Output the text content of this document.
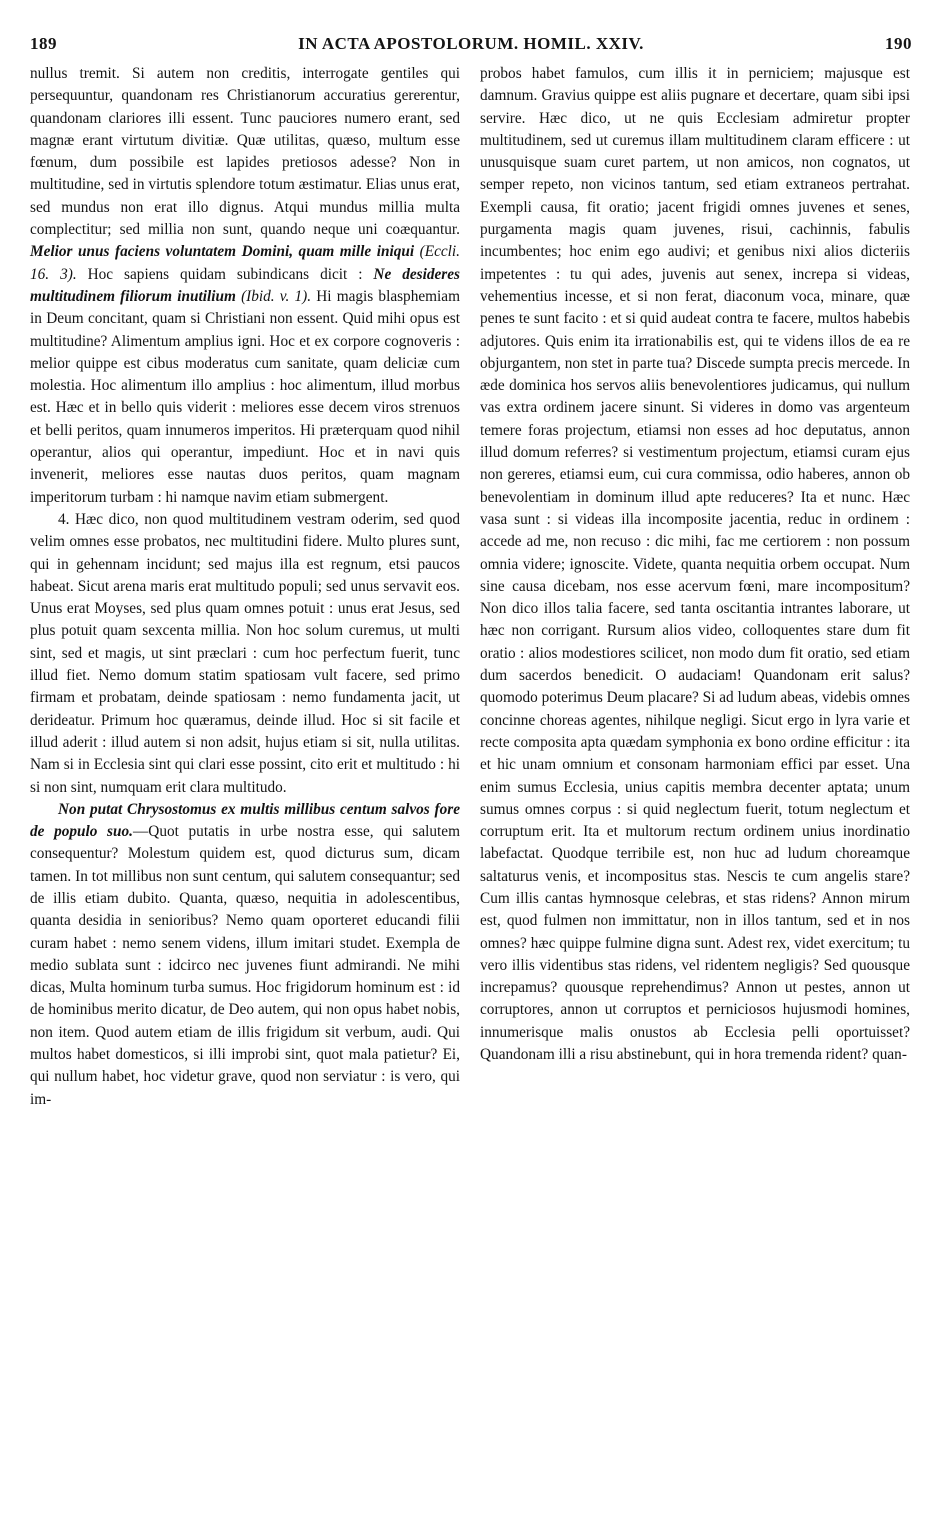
189	IN ACTA APOSTOLORUM. HOMIL. XXIV.	190

nullus tremit. Si autem non creditis, interrogate gentiles qui persequuntur, quandonam res Christianorum accuratius gererentur, quandonam clariores illi essent. Tunc pauciores numero erant, sed magnæ erant virtutum divitiæ. Quæ utilitas, quæso, multum esse fœnum, dum possibile est lapides pretiosos adesse? Non in multitudine, sed in virtutis splendore totum æstimatur. Elias unus erat, sed mundus non erat illo dignus. Atqui mundus millia multa complectitur; sed millia non sunt, quando neque uni coæquantur. Melior unus faciens voluntatem Domini, quam mille iniqui (Eccli. 16. 3). Hoc sapiens quidam subindicans dicit : Ne desideres multitudinem filiorum inutilium (Ibid. v. 1). Hi magis blasphemiam in Deum concitant, quam si Christiani non essent. Quid mihi opus est multitudine? Alimentum amplius igni. Hoc et ex corpore cognoveris : melior quippe est cibus moderatus cum sanitate, quam deliciæ cum molestia. Hoc alimentum illo amplius : hoc alimentum, illud morbus est. Hæc et in bello quis viderit : meliores esse decem viros strenuos et belli peritos, quam innumeros imperitos. Hi præterquam quod nihil operantur, alios qui operantur, impediunt. Hoc et in navi quis invenerit, meliores esse nautas duos peritos, quam magnam imperitorum turbam : hi namque navim etiam submergent.

4. Hæc dico, non quod multitudinem vestram oderim, sed quod velim omnes esse probatos, nec multitudini fidere. Multo plures sunt, qui in gehennam incidunt; sed majus illa est regnum, etsi paucos habeat. Sicut arena maris erat multitudo populi; sed unus servavit eos. Unus erat Moyses, sed plus quam omnes potuit : unus erat Jesus, sed plus potuit quam sexcenta millia. Non hoc solum curemus, ut multi sint, sed et magis, ut sint præclari : cum hoc perfectum fuerit, tunc illud fiet. Nemo domum statim spatiosam vult facere, sed primo firmam et probatam, deinde spatiosam : nemo fundamenta jacit, ut derideatur. Primum hoc quæramus, deinde illud. Hoc si sit facile et illud aderit : illud autem si non adsit, hujus etiam si sit, nulla utilitas. Nam si in Ecclesia sint qui clari esse possint, cito erit et multitudo : hi si non sint, numquam erit clara multitudo.

Non putat Chrysostomus ex multis millibus centum salvos fore de populo suo.—Quot putatis in urbe nostra esse, qui salutem consequentur? Molestum quidem est, quod dicturus sum, dicam tamen. In tot millibus non sunt centum, qui salutem consequantur; sed de illis etiam dubito. Quanta, quæso, nequitia in adolescentibus, quanta desidia in senioribus? Nemo quam oporteret educandi filii curam habet : nemo senem videns, illum imitari studet. Exempla de medio sublata sunt : idcirco nec juvenes fiunt admirandi. Ne mihi dicas, Multa hominum turba sumus. Hoc frigidorum hominum est : id de hominibus merito dicatur, de Deo autem, qui non opus habet nobis, non item. Quod autem etiam de illis frigidum sit verbum, audi. Qui multos habet domesticos, si illi improbi sint, quot mala patietur? Ei, qui nullum habet, hoc videtur grave, quod non serviatur : is vero, qui im-

probos habet famulos, cum illis it in perniciem; majusque est damnum. Gravius quippe est aliis pugnare et decertare, quam sibi ipsi servire. Hæc dico, ut ne quis Ecclesiam admiretur propter multitudinem, sed ut curemus illam multitudinem claram efficere : ut unusquisque suam curet partem, ut non amicos, non cognatos, ut semper repeto, non vicinos tantum, sed etiam extraneos pertrahat. Exempli causa, fit oratio; jacent frigidi omnes juvenes et senes, purgamenta magis quam juvenes, risui, cachinnis, fabulis incumbentes; hoc enim ego audivi; et genibus nixi alios dicteriis impetentes : tu qui ades, juvenis aut senex, increpa si videas, vehementius incesse, et si non ferat, diaconum voca, minare, quæ penes te sunt facito : et si quid audeat contra te facere, multos habebis adjutores. Quis enim ita irrationabilis est, qui te videns illos de ea re objurgantem, non stet in parte tua? Discede sumpta precis mercede. In æde dominica hos servos aliis benevolentiores judicamus, qui nullum vas extra ordinem jacere sinunt. Si videres in domo vas argenteum temere foras projectum, etiamsi non esses ad hoc deputatus, annon illud domum referres? si vestimentum projectum, etiamsi curam ejus non gereres, etiamsi eum, cui cura commissa, odio haberes, annon ob benevolentiam in dominum illud apte reduceres? Ita et nunc. Hæc vasa sunt : si videas illa incomposite jacentia, reduc in ordinem : accede ad me, non recuso : dic mihi, fac me certiorem : non possum omnia videre; ignoscite. Videte, quanta nequitia orbem occupat. Num sine causa dicebam, nos esse acervum fœni, mare incompositum? Non dico illos talia facere, sed tanta oscitantia intrantes laborare, ut hæc non corrigant. Rursum alios video, colloquentes stare dum fit oratio : alios modestiores scilicet, non modo dum fit oratio, sed etiam dum sacerdos benedicit. O audaciam! Quandonam erit salus? quomodo poterimus Deum placare? Si ad ludum abeas, videbis omnes concinne choreas agentes, nihilque negligi. Sicut ergo in lyra varie et recte composita apta quædam symphonia ex bono ordine efficitur : ita et hic unam omnium et consonam harmoniam effici par esset. Una enim sumus Ecclesia, unius capitis membra decenter aptata; unum sumus omnes corpus : si quid neglectum fuerit, totum neglectum et corruptum erit. Ita et multorum rectum ordinem unius inordinatio labefactat. Quodque terribile est, non huc ad ludum choreamque saltaturus venis, et incompositus stas. Nescis te cum angelis stare? Cum illis cantas hymnosque celebras, et stas ridens? Annon mirum est, quod fulmen non immittatur, non in illos tantum, sed et in nos omnes? hæc quippe fulmine digna sunt. Adest rex, videt exercitum; tu vero illis videntibus stas ridens, vel ridentem negligis? Sed quousque increpamus? quousque reprehendimus? Annon ut pestes, annon ut corruptores, annon ut corruptos et perniciosos hujusmodi homines, innumerisque malis onustos ab Ecclesia pelli oportuisset? Quandonam illi a risu abstinebunt, qui in hora tremenda rident? quan-
